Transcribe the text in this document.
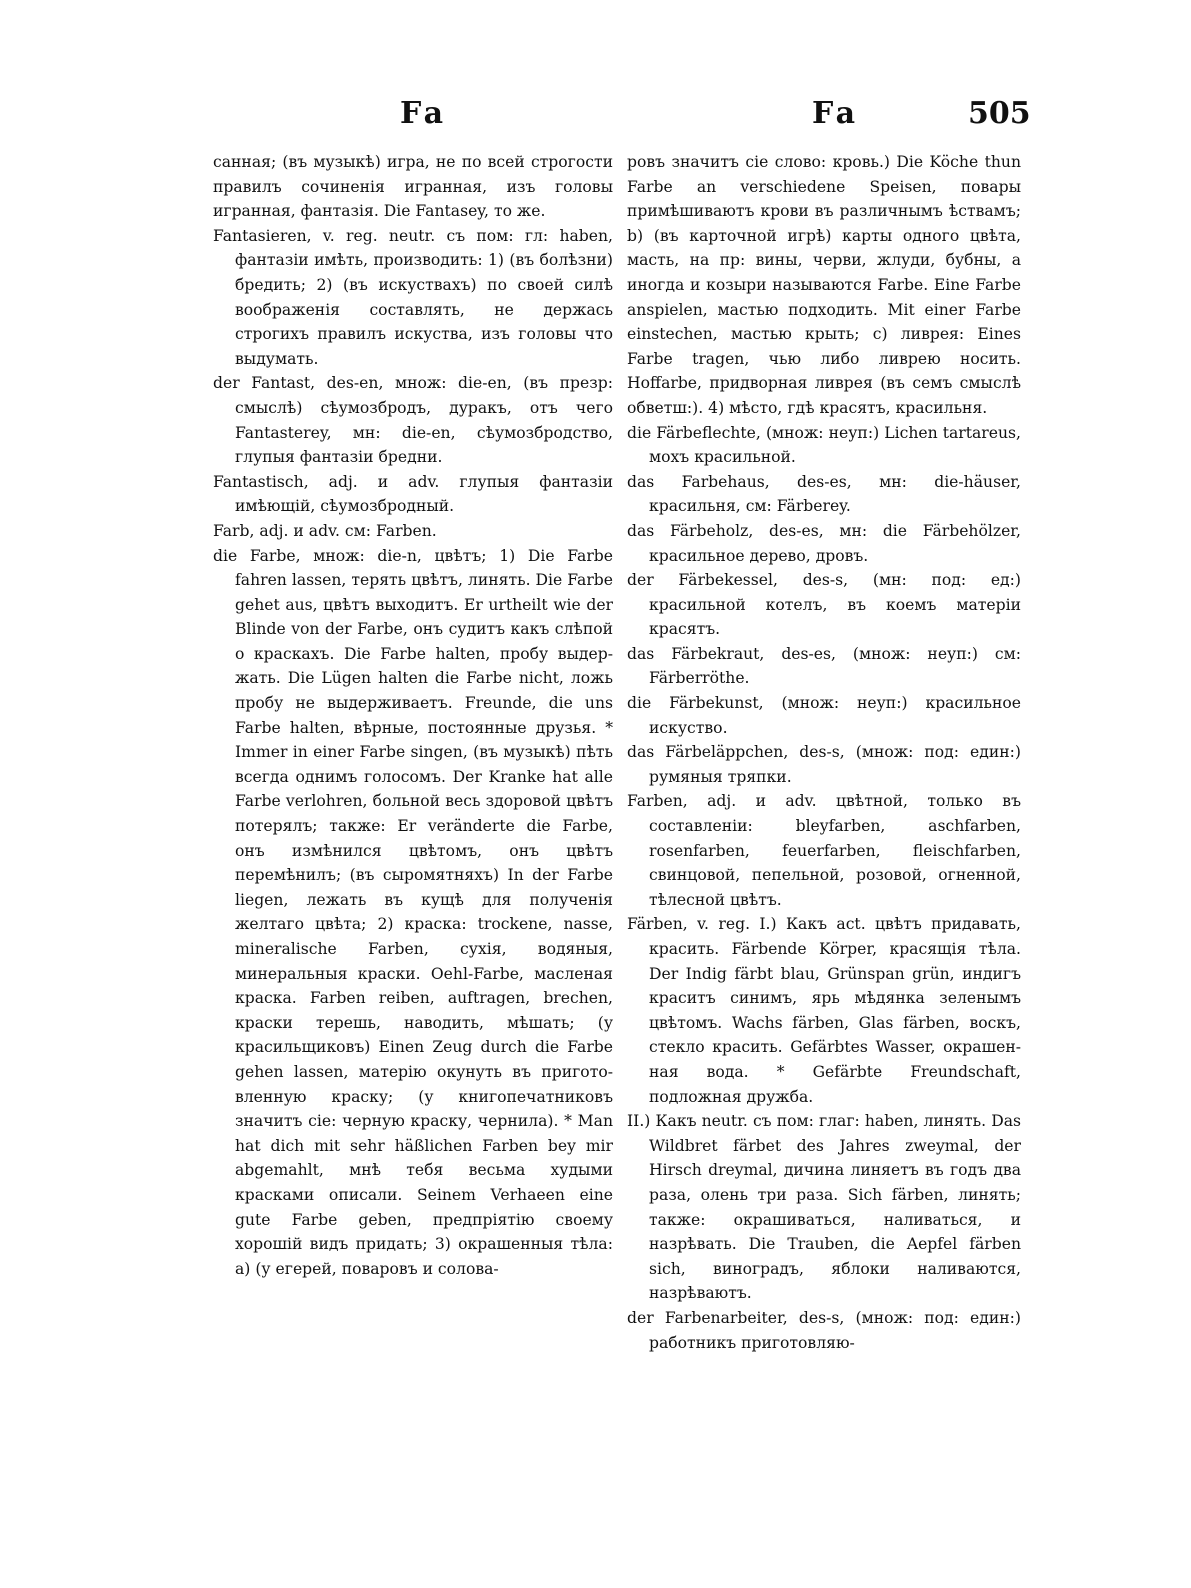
Fa	Fa	505

санная; (въ музыкѣ) игра, не по всей строгости правилъ сочиненія игранная, изъ головы игранная, фантазія. Die Fantasey, то же.

Fantasieren, v. reg. neutr. съ пом: гл: haben, фантазіи имѣть, производить: 1) (въ болѣзни) бредить; 2) (въ искуствахъ) по своей силѣ воображенія составлять, не держась строгихъ правилъ искуства, изъ головы что выдумать.

der Fantast, des-en, множ: die-en, (въ презр: смыслѣ) сѣумозбродъ, дуракъ, отъ чего Fantasterey, мн: die-en, сѣумозбродство, глупыя фантазіи бредни.

Fantastisch, adj. и adv. глупыя фантазіи имѣющій, сѣумозбродный.

Farb, adj. и adv. см: Farben.

die Farbe, множ: die-n, цвѣтъ; 1) Die Farbe fahren lassen, терять цвѣтъ, линять. Die Farbe gehet aus, цвѣтъ выходитъ. Er urtheilt wie der Blinde von der Farbe, онъ судитъ какъ слѣпой о краскахъ. Die Farbe halten, пробу выдержать. Die Lügen halten die Farbe nicht, ложь пробу не выдерживаетъ. Freunde, die uns Farbe halten, вѣрные, постоянные друзья. * Immer in einer Farbe singen, (въ музыкѣ) пѣть всегда однимъ голосомъ. Der Kranke hat alle Farbe verlohren, больной весь здоровой цвѣтъ потерялъ; также: Er veränderte die Farbe, онъ измѣнился цвѣтомъ, онъ цвѣтъ перемѣнилъ; (въ сыромятняхъ) In der Farbe liegen, лежать въ кущѣ для полученія желтаго цвѣта; 2) краска: trockene, nasse, mineralische Farben, сухія, водяныя, минеральныя краски. Oehl-Farbe, масленая краска. Farben reiben, auftragen, brechen, краски терешь, наводить, мѣшать; (у красильщиковъ) Einen Zeug durch die Farbe gehen lassen, матерію окунуть въ приготовленную краску; (у книгопечатниковъ значитъ сіе: черную краску, чернила). * Man hat dich mit sehr häßlichen Farben bey mir abgemahlt, мнѣ тебя весьма худыми красками описали. Seinem Verhaeen eine gute Farbe geben, предпріятію своему хорошій видъ придать; 3) окрашенныя тѣла: a) (у егерей, поваровъ и солова-

ровъ значитъ сіе слово: кровь.) Die Köche thun Farbe an verschiedene Speisen, повары примѣшиваютъ крови въ различнымъ ѣствамъ; b) (въ карточной игрѣ) карты одного цвѣта, масть, на пр: вины, черви, жлуди, бубны, а иногда и козыри называются Farbe. Eine Farbe anspielen, мастью подходить. Mit einer Farbe einstechen, мастью крыть; c) ливрея: Eines Farbe tragen, чью либо ливрею носить. Hoffarbe, придворная ливрея (въ семъ смыслѣ обветш:). 4) мѣсто, гдѣ красятъ, красильня.

die Färbeflechte, (множ: неуп:) Lichen tartareus, мохъ красильной.

das Farbehaus, des-es, мн: die-häuser, красильня, см: Färberey.

das Färbeholz, des-es, мн: die Färbehölzer, красильное дерево, дровъ.

der Färbekessel, des-s, (мн: под: ед:) красильной котелъ, въ коемъ матеріи красятъ.

das Färbekraut, des-es, (множ: неуп:) см: Färberröthe.

die Färbekunst, (множ: неуп:) красильное искуство.

das Färbeläppchen, des-s, (множ: под: един:) румяныя тряпки.

Farben, adj. и adv. цвѣтной, только въ составленіи: bleyfarben, aschfarben, rosenfarben, feuerfarben, fleischfarben, свинцовой, пепельной, розовой, огненной, тѣлесной цвѣтъ.

Färben, v. reg. I.) Какъ act. цвѣтъ придавать, красить. Färbende Körper, красящія тѣла. Der Indig färbt blau, Grünspan grün, индигъ краситъ синимъ, ярь мѣдянка зеленымъ цвѣтомъ. Wachs färben, Glas färben, воскъ, стекло красить. Gefärbtes Wasser, окрашенная вода. * Gefärbte Freundschaft, подложная дружба.

II.) Какъ neutr. съ пом: глаг: haben, линять. Das Wildbret färbet des Jahres zweymal, der Hirsch dreymal, дичина линяетъ въ годъ два раза, олень три раза. Sich färben, линять; также: окрашиваться, наливаться, и назрѣвать. Die Trauben, die Aepfel färben sich, виноградъ, яблоки наливаются, назрѣваютъ.

der Farbenarbeiter, des-s, (множ: под: един:) работникъ приготовляю-
